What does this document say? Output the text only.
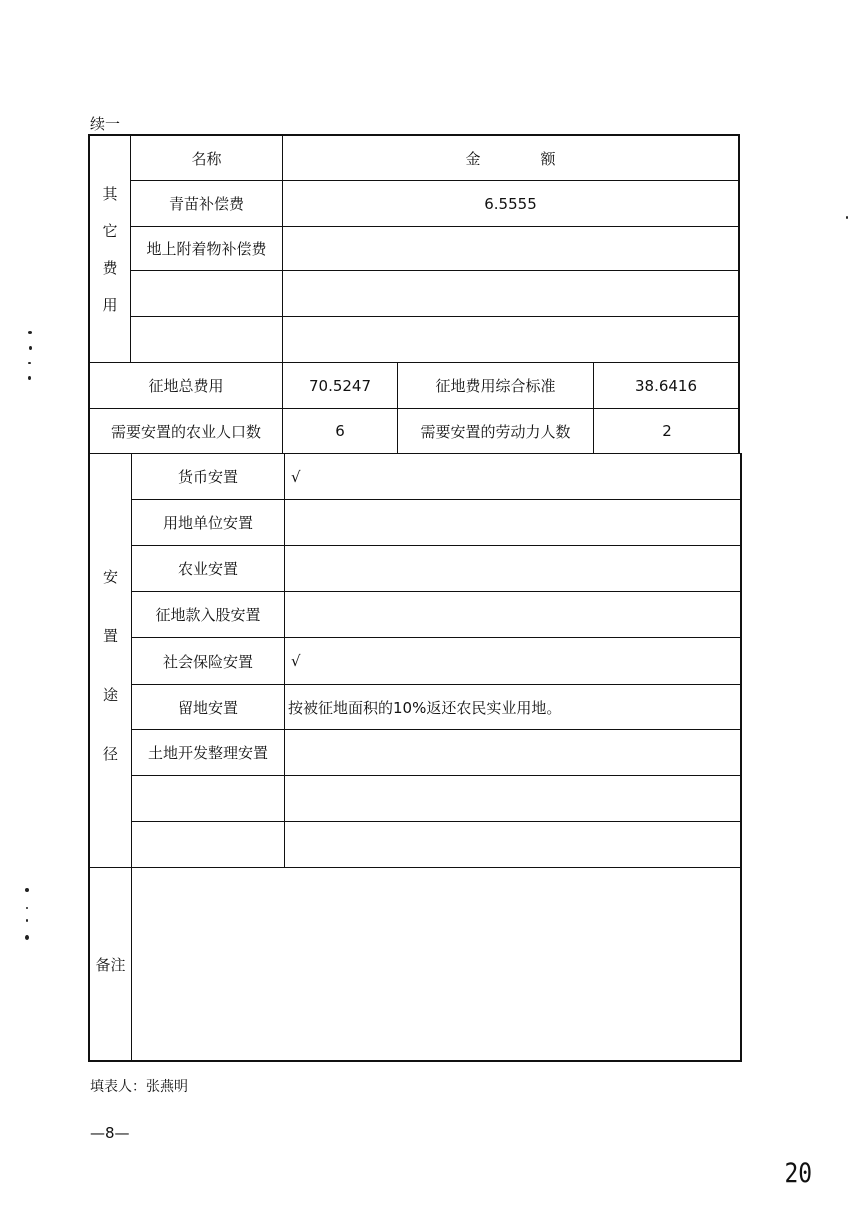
续一
其
它
费
用
名称	金　　　　额
青苗补偿费	6.5555
地上附着物补偿费
征地总费用	70.5247	征地费用综合标准	38.6416
需要安置的农业人口数	6	需要安置的劳动力人数	2
安
置
途
径
货币安置	√
用地单位安置
农业安置
征地款入股安置
社会保险安置	√
留地安置	按被征地面积的10%返还农民实业用地。
土地开发整理安置
备注
填表人：张燕明
—8—
20
